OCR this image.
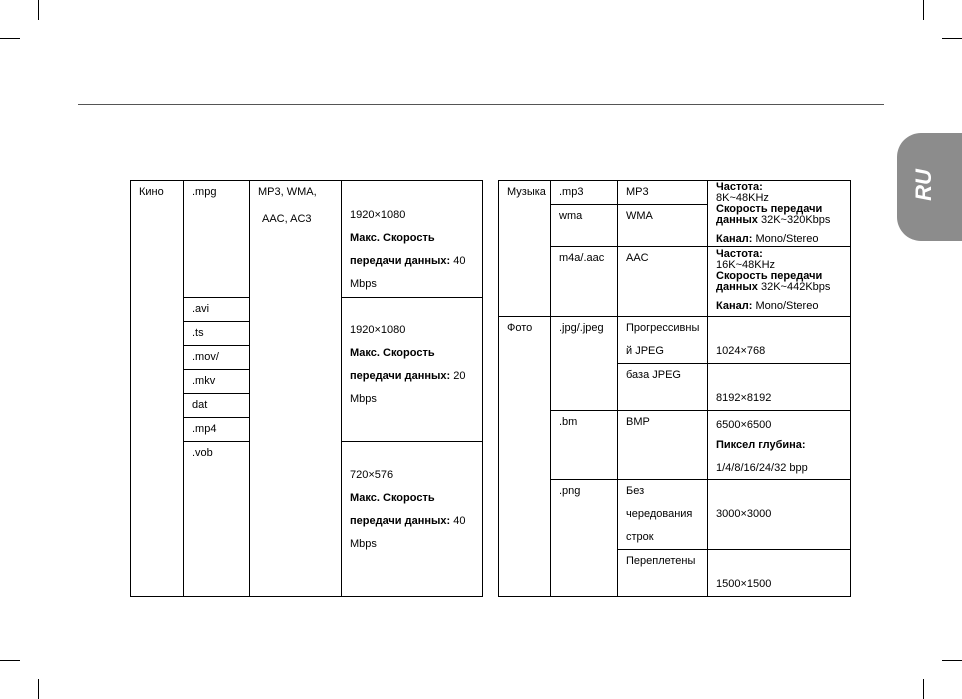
RU
Кино	.mpg	MP3, WMA,
AAC, AC3	1920×1080
Макс. Скорость
передачи данных: 40
Mbps

	.avi		1920×1080
Макс. Скорость
передачи данных: 20
Mbps

	.ts		
	.mov/		
	.mkv		
	dat		
	.mp4		
	.vob		720×576
Макс. Скорость
передачи данных: 40
Mbps
Музыка	.mp3	MP3	Частота:
8K~48KHz
Скорость передачи
данных 32K~320Kbps
Канал: Mono/Stereo

	wma	WMA	
	m4a/.aac	AAC	Частота:
16K~48KHz
Скорость передачи
данных 32K~442Kbps
Канал: Mono/Stereo

Фото	.jpg/.jpeg	Прогрессивны
й JPEG	1024×768

		база JPEG	8192×8192

	.bm	BMP	6500×6500
Пиксел глубина:
1/4/8/16/24/32 bpp

	.png	Без
чередования
строк	3000×3000

		Переплетены	1500×1500
